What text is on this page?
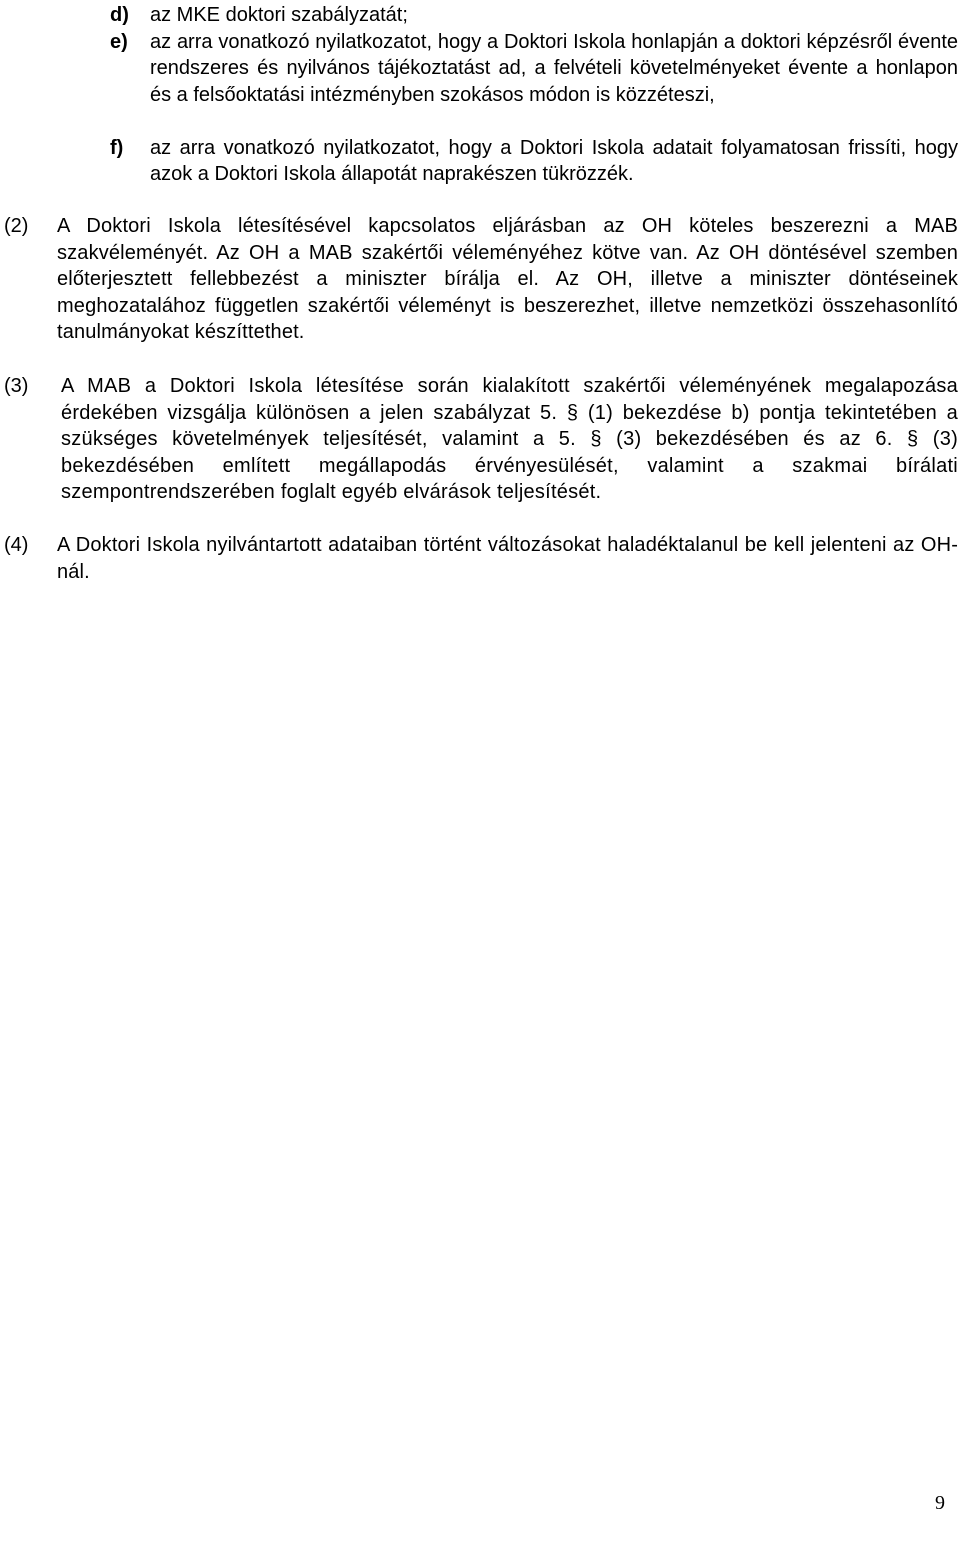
d) az MKE doktori szabályzatát;
e) az arra vonatkozó nyilatkozatot, hogy a Doktori Iskola honlapján a doktori képzésről évente rendszeres és nyilvános tájékoztatást ad, a felvételi követelményeket évente a honlapon és a felsőoktatási intézményben szokásos módon is közzéteszi,
f) az arra vonatkozó nyilatkozatot, hogy a Doktori Iskola adatait folyamatosan frissíti, hogy azok a Doktori Iskola állapotát naprakészen tükrözzék.
(2) A Doktori Iskola létesítésével kapcsolatos eljárásban az OH köteles beszerezni a MAB szakvéleményét. Az OH a MAB szakértői véleményéhez kötve van. Az OH döntésével szemben előterjesztett fellebbezést a miniszter bírálja el. Az OH, illetve a miniszter döntéseinek meghozatalához független szakértői véleményt is beszerezhet, illetve nemzetközi összehasonlító tanulmányokat készíttethet.
(3) A MAB a Doktori Iskola létesítése során kialakított szakértői véleményének megalapozása érdekében vizsgálja különösen a jelen szabályzat 5. § (1) bekezdése b) pontja tekintetében a szükséges követelmények teljesítését, valamint a 5. § (3) bekezdésében és az 6. § (3) bekezdésében említett megállapodás érvényesülését, valamint a szakmai bírálati szempontrendszerében foglalt egyéb elvárások teljesítését.
(4) A Doktori Iskola nyilvántartott adataiban történt változásokat haladéktalanul be kell jelenteni az OH-nál.
9
